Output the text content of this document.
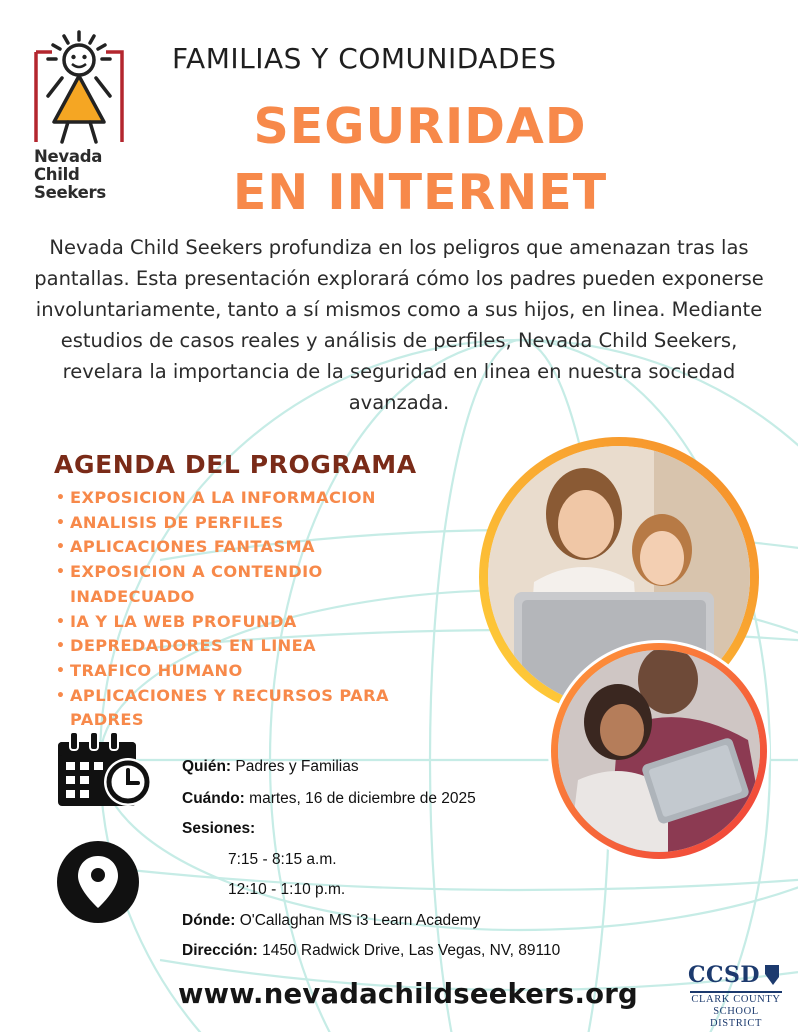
Nevada Child Seekers
FAMILIAS Y COMUNIDADES
SEGURIDAD
EN INTERNET
Nevada Child Seekers profundiza en los peligros que amenazan tras las pantallas. Esta presentación explorará cómo los padres pueden exponerse involuntariamente, tanto a sí mismos como a sus hijos, en linea. Mediante estudios de casos reales y análisis de perfiles, Nevada Child Seekers, revelara la importancia de la seguridad en linea en nuestra sociedad avanzada.
AGENDA DEL PROGRAMA
• EXPOSICION A LA INFORMACION
• ANALISIS DE PERFILES
• APLICACIONES FANTASMA
• EXPOSICION A CONTENDIO INADECUADO
• IA Y LA WEB PROFUNDA
• DEPREDADORES EN LINEA
• TRAFICO HUMANO
• APLICACIONES Y RECURSOS PARA PADRES
Quién: Padres y Familias
Cuándo: martes, 16 de diciembre de 2025
Sesiones:
7:15 - 8:15 a.m.
12:10 - 1:10 p.m.
Dónde: O'Callaghan MS i3 Learn Academy
Dirección: 1450 Radwick Drive, Las Vegas, NV, 89110
www.nevadachildseekers.org
CCSD
CLARK COUNTY
SCHOOL DISTRICT
